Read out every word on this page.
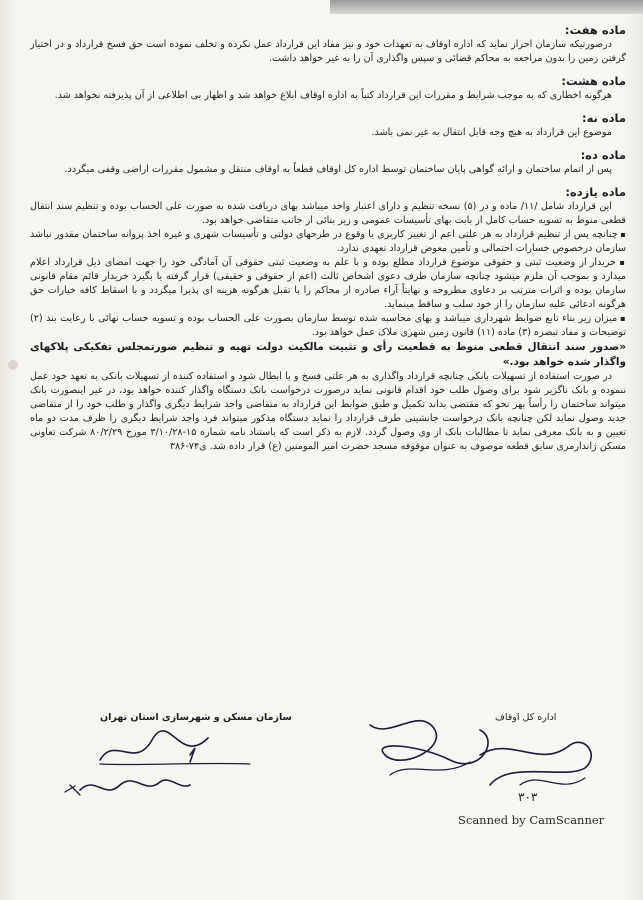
ماده هفت:
درصورتیکه سازمان احراز نماید که اداره اوقاف به تعهدات خود و نیز مفاد این قرارداد عمل نکرده و تخلف نموده است حق فسخ قرارداد و در اختیار گرفتن زمین را بدون مراجعه به محاکم قضائی و سپس واگذاری آن را به غیر خواهد داشت.
ماده هشت:
هرگونه اخطاری که به موجب شرایط و مقررات این قرارداد کتباً به اداره اوقاف ابلاغ خواهد شد و اظهار بی اطلاعی از آن پذیرفته نخواهد شد.
ماده نه:
موضوع این قرارداد به هیچ وجه قابل انتقال به غیر نمی باشد.
ماده ده:
پس از اتمام ساختمان و ارائه گواهی پایان ساختمان توسط اداره کل اوقاف قطعاً به اوقاف منتقل و مشمول مقررات اراضی وقفی میگردد.
ماده یازده:
این قرارداد شامل /۱۱/ ماده و در (۵) نسخه تنظیم و دارای اعتبار واحد میباشد بهای دریافت شده به صورت علی الحساب بوده و تنظیم سند انتقال قطعی منوط به تسویه حساب کامل از بابت بهای تأسیسات عمومی و زیر بنائی از جانب متقاضی خواهد بود.
▪ چنانچه پس از تنظیم قرارداد به هر علتی اعم از تغییر کاربری یا وقوع در طرحهای دولتی و تأسیسات شهری و غیره اخذ پروانه ساختمان مقدور نباشد سازمان درخصوص خسارات احتمالی و تأمین معوض قرارداد تعهدی ندارد.
▪ خریدار از وضعیت ثبتی و حقوقی موضوع قرارداد مطلع بوده و با علم به وضعیت ثبتی حقوقی آن آمادگی خود را جهت امضای ذیل قرارداد اعلام میدارد و بموجب آن ملزم میشود چنانچه سازمان طرف دعوی اشخاص ثالث (اعم از حقوقی و حقیقی) قرار گرفته یا بگیرد خریدار قائم مقام قانونی سازمان بوده و اثرات مترتب بر دعاوی مطروحه و نهایتاً آراء صادره از محاکم را با تقبل هرگونه هزینه ای پذیرا میگردد و با اسقاط کافه خیارات حق هرگونه ادعائی علیه سازمان را از خود سلب و ساقط مینماید.
▪ میزان زیر بناء تابع ضوابط شهرداری میباشد و بهای محاسبه شده توسط سازمان بصورت علی الحساب بوده و تسویه حساب نهائی با رعایت بند (۲) توضیحات و مفاد تبصره (۳) ماده (۱۱) قانون زمین شهری ملاک عمل خواهد بود.
«صدور سند انتقال قطعی منوط به قطعیت رأی و تثبیت مالکیت دولت تهیه و تنظیم صورتمجلس تفکیکی پلاکهای واگذار شده خواهد بود.»
در صورت استفاده از تسهیلات بانکی چنانچه قرارداد واگذاری به هر علتی فسخ و یا ابطال شود و استفاده کننده از تسهیلات بانکی به تعهد خود عمل ننموده و بانک ناگزیر شود برای وصول طلب خود اقدام قانونی نماید درصورت درخواست بانک دستگاه واگذار کننده خواهد بود، در غیر اینصورت بانک میتواند ساختمان را رأساً بهر نحو که مقتضی بداند تکمیل و طبق ضوابط این قرارداد به متقاضی واجد شرایط دیگری واگذار و طلب خود را از متقاضی جدید وصول نماید لکن چنانچه بانک درخواست جانشینی طرف قرارداد را نماید دستگاه مذکور میتواند فرد واجد شرایط دیگری را ظرف مدت دو ماه تعیین و به بانک معرفی نماید تا مطالبات بانک از وی وصول گردد. لازم به ذکر است که باستناد نامه شماره ۱۵-۳/۱۰/۲۸ مورخ ۸۰/۲/۲۹ شرکت تعاونی مسکن ژاندارمری سابق قطعه موصوف به عنوان موقوفه مسجد حضرت امیر المومنین (ع) قرار داده شد. ی۷۴-۳۸۶
سازمان مسکن و شهرسازی استان تهران	اداره کل اوقاف
۳۰۳
Scanned by CamScanner
